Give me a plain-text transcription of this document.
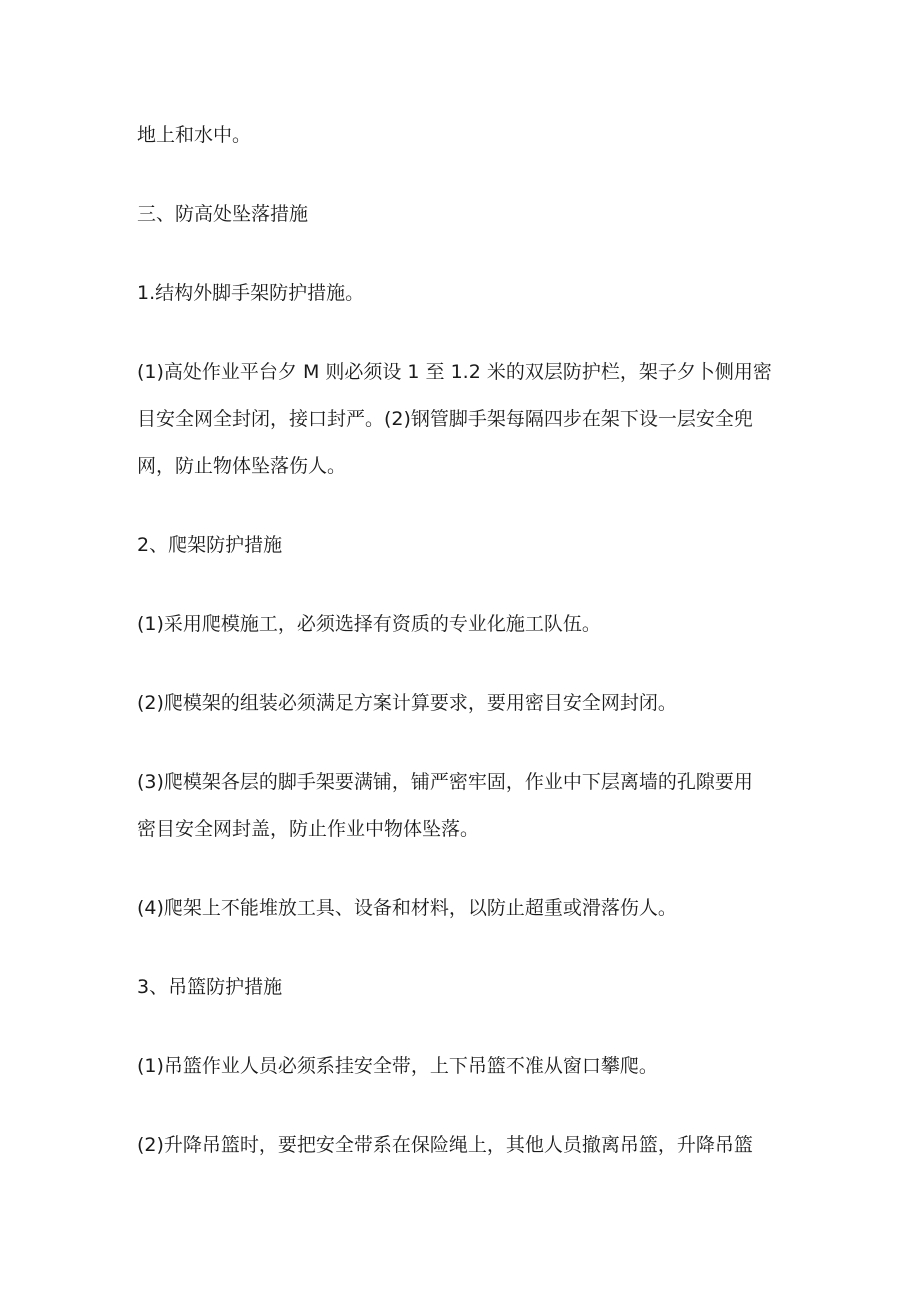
地上和水中。

三、防高处坠落措施

1.结构外脚手架防护措施。

(1)高处作业平台夕 M 则必须设 1 至 1.2 米的双层防护栏，架子夕卜侧用密
目安全网全封闭，接口封严。(2)钢管脚手架每隔四步在架下设一层安全兜
网，防止物体坠落伤人。

2、爬架防护措施

(1)采用爬模施工，必须选择有资质的专业化施工队伍。

(2)爬模架的组装必须满足方案计算要求，要用密目安全网封闭。

(3)爬模架各层的脚手架要满铺，铺严密牢固，作业中下层离墙的孔隙要用
密目安全网封盖，防止作业中物体坠落。

(4)爬架上不能堆放工具、设备和材料，以防止超重或滑落伤人。

3、吊篮防护措施

(1)吊篮作业人员必须系挂安全带，上下吊篮不准从窗口攀爬。

(2)升降吊篮时，要把安全带系在保险绳上，其他人员撤离吊篮，升降吊篮
